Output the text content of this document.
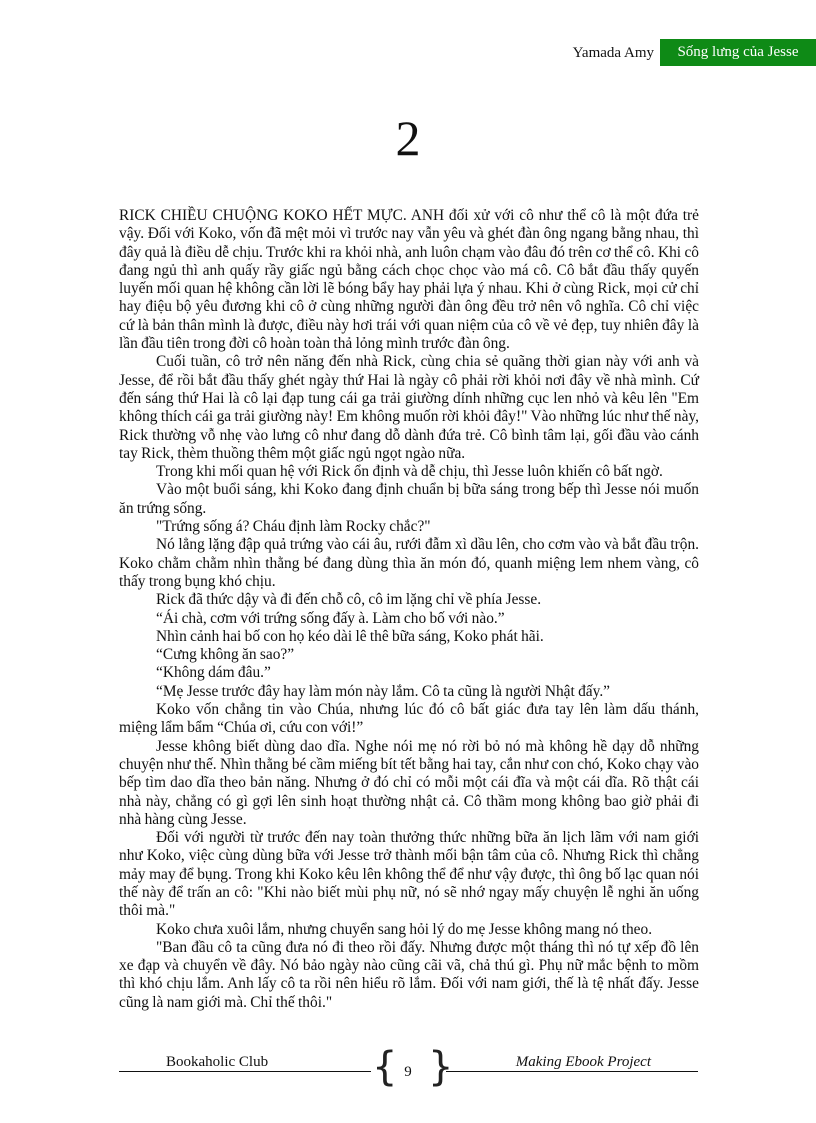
Yamada Amy	Sống lưng của Jesse
2

RICK CHIỀU CHUỘNG KOKO HẾT MỰC. ANH đối xử với cô như thể cô là một đứa trẻ vậy. Đối với Koko, vốn đã mệt mỏi vì trước nay vẫn yêu và ghét đàn ông ngang bằng nhau, thì đây quả là điều dễ chịu. Trước khi ra khỏi nhà, anh luôn chạm vào đâu đó trên cơ thể cô. Khi cô đang ngủ thì anh quấy rầy giấc ngủ bằng cách chọc chọc vào má cô. Cô bắt đầu thấy quyến luyến mối quan hệ không cần lời lẽ bóng bẩy hay phải lựa ý nhau. Khi ở cùng Rick, mọi cử chỉ hay điệu bộ yêu đương khi cô ở cùng những người đàn ông đều trở nên vô nghĩa. Cô chỉ việc cứ là bản thân mình là được, điều này hơi trái với quan niệm của cô về vẻ đẹp, tuy nhiên đây là lần đầu tiên trong đời cô hoàn toàn thả lỏng mình trước đàn ông.

Cuối tuần, cô trở nên năng đến nhà Rick, cùng chia sẻ quãng thời gian này với anh và Jesse, để rồi bắt đầu thấy ghét ngày thứ Hai là ngày cô phải rời khỏi nơi đây về nhà mình. Cứ đến sáng thứ Hai là cô lại đạp tung cái ga trải giường dính những cục len nhỏ và kêu lên "Em không thích cái ga trải giường này! Em không muốn rời khỏi đây!" Vào những lúc như thế này, Rick thường vỗ nhẹ vào lưng cô như đang dỗ dành đứa trẻ. Cô bình tâm lại, gối đầu vào cánh tay Rick, thèm thuồng thêm một giấc ngủ ngọt ngào nữa.

Trong khi mối quan hệ với Rick ổn định và dễ chịu, thì Jesse luôn khiến cô bất ngờ.

Vào một buổi sáng, khi Koko đang định chuẩn bị bữa sáng trong bếp thì Jesse nói muốn ăn trứng sống.

"Trứng sống á? Cháu định làm Rocky chắc?"

Nó lẳng lặng đập quả trứng vào cái âu, rưới đẫm xì dầu lên, cho cơm vào và bắt đầu trộn. Koko chằm chằm nhìn thằng bé đang dùng thìa ăn món đó, quanh miệng lem nhem vàng, cô thấy trong bụng khó chịu.

Rick đã thức dậy và đi đến chỗ cô, cô im lặng chỉ về phía Jesse.

“Ái chà, cơm với trứng sống đấy à. Làm cho bố với nào.”

Nhìn cảnh hai bố con họ kéo dài lê thê bữa sáng, Koko phát hãi.

“Cưng không ăn sao?”

“Không dám đâu.”

“Mẹ Jesse trước đây hay làm món này lắm. Cô ta cũng là người Nhật đấy.”

Koko vốn chẳng tin vào Chúa, nhưng lúc đó cô bất giác đưa tay lên làm dấu thánh, miệng lẩm bẩm “Chúa ơi, cứu con với!”

Jesse không biết dùng dao dĩa. Nghe nói mẹ nó rời bỏ nó mà không hề dạy dỗ những chuyện như thế. Nhìn thằng bé cầm miếng bít tết bằng hai tay, cắn như con chó, Koko chạy vào bếp tìm dao dĩa theo bản năng. Nhưng ở đó chỉ có mỗi một cái đĩa và một cái dĩa. Rõ thật cái nhà này, chẳng có gì gợi lên sinh hoạt thường nhật cả. Cô thầm mong không bao giờ phải đi nhà hàng cùng Jesse.

Đối với người từ trước đến nay toàn thưởng thức những bữa ăn lịch lãm với nam giới như Koko, việc cùng dùng bữa với Jesse trở thành mối bận tâm của cô. Nhưng Rick thì chẳng mảy may để bụng. Trong khi Koko kêu lên không thể để như vậy được, thì ông bố lạc quan nói thế này để trấn an cô: "Khi nào biết mùi phụ nữ, nó sẽ nhớ ngay mấy chuyện lễ nghi ăn uống thôi mà."

Koko chưa xuôi lắm, nhưng chuyển sang hỏi lý do mẹ Jesse không mang nó theo.

"Ban đầu cô ta cũng đưa nó đi theo rồi đấy. Nhưng được một tháng thì nó tự xếp đồ lên xe đạp và chuyển về đây. Nó bảo ngày nào cũng cãi vã, chả thú gì. Phụ nữ mắc bệnh to mồm thì khó chịu lắm. Anh lấy cô ta rồi nên hiểu rõ lắm. Đối với nam giới, thế là tệ nhất đấy. Jesse cũng là nam giới mà. Chỉ thế thôi."

Bookaholic Club	{ 9 }	Making Ebook Project
